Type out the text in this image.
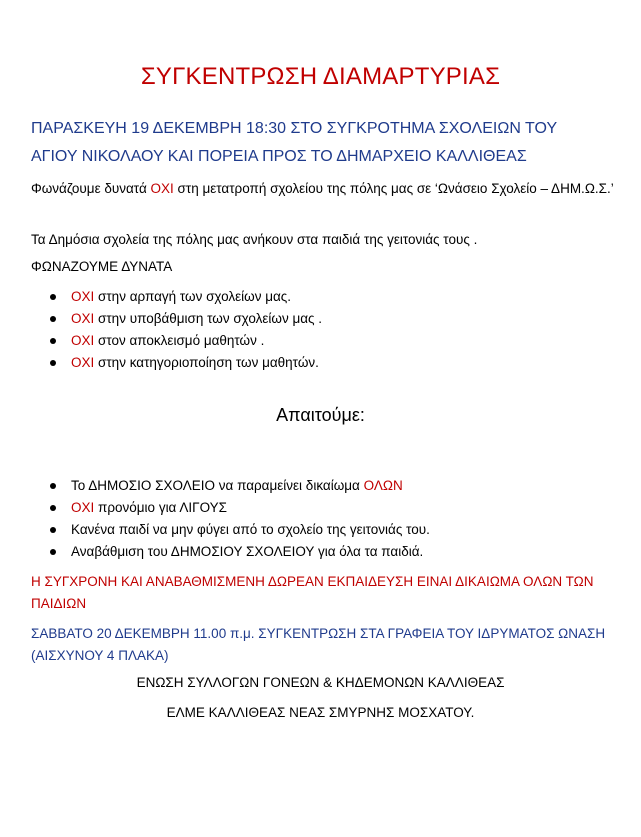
ΣΥΓΚΕΝΤΡΩΣΗ ΔΙΑΜΑΡΤΥΡΙΑΣ
ΠΑΡΑΣΚΕΥΗ 19 ΔΕΚΕΜΒΡΗ 18:30 ΣΤΟ ΣΥΓΚΡΟΤΗΜΑ ΣΧΟΛΕΙΩΝ ΤΟΥ
ΑΓΙΟΥ ΝΙΚΟΛΑΟΥ ΚΑΙ ΠΟΡΕΙΑ ΠΡΟΣ ΤΟ ΔΗΜΑΡΧΕΙΟ ΚΑΛΛΙΘΕΑΣ
Φωνάζουμε δυνατά ΟΧΙ στη μετατροπή σχολείου της πόλης μας σε ‘Ωνάσειο Σχολείο – ΔΗΜ.Ω.Σ.’
Τα Δημόσια σχολεία της πόλης μας ανήκουν στα παιδιά της γειτονιάς τους .
ΦΩΝΑΖΟΥΜΕ ΔΥΝΑΤΑ
ΟΧΙ στην αρπαγή των σχολείων μας.
ΟΧΙ στην υποβάθμιση των σχολείων μας .
ΟΧΙ στον αποκλεισμό μαθητών .
ΟΧΙ στην κατηγοριοποίηση των μαθητών.
Απαιτούμε:
Το ΔΗΜΟΣΙΟ ΣΧΟΛΕΙΟ να παραμείνει δικαίωμα ΟΛΩΝ
ΟΧΙ προνόμιο για ΛΙΓΟΥΣ
Κανένα παιδί να μην φύγει από το σχολείο της γειτονιάς του.
Αναβάθμιση του ΔΗΜΟΣΙΟΥ ΣΧΟΛΕΙΟΥ για όλα τα παιδιά.
Η ΣΥΓΧΡΟΝΗ ΚΑΙ ΑΝΑΒΑΘΜΙΣΜΕΝΗ ΔΩΡΕΑΝ ΕΚΠΑΙΔΕΥΣΗ ΕΙΝΑΙ ΔΙΚΑΙΩΜΑ ΟΛΩΝ ΤΩΝ ΠΑΙΔΙΩΝ
ΣΑΒΒΑΤΟ 20 ΔΕΚΕΜΒΡΗ 11.00 π.μ. ΣΥΓΚΕΝΤΡΩΣΗ ΣΤΑ ΓΡΑΦΕΙΑ ΤΟΥ ΙΔΡΥΜΑΤΟΣ ΩΝΑΣΗ (ΑΙΣΧΥΝΟΥ 4 ΠΛΑΚΑ)
ΕΝΩΣΗ ΣΥΛΛΟΓΩΝ ΓΟΝΕΩΝ & ΚΗΔΕΜΟΝΩΝ ΚΑΛΛΙΘΕΑΣ
ΕΛΜΕ ΚΑΛΛΙΘΕΑΣ ΝΕΑΣ ΣΜΥΡΝΗΣ ΜΟΣΧΑΤΟΥ.
